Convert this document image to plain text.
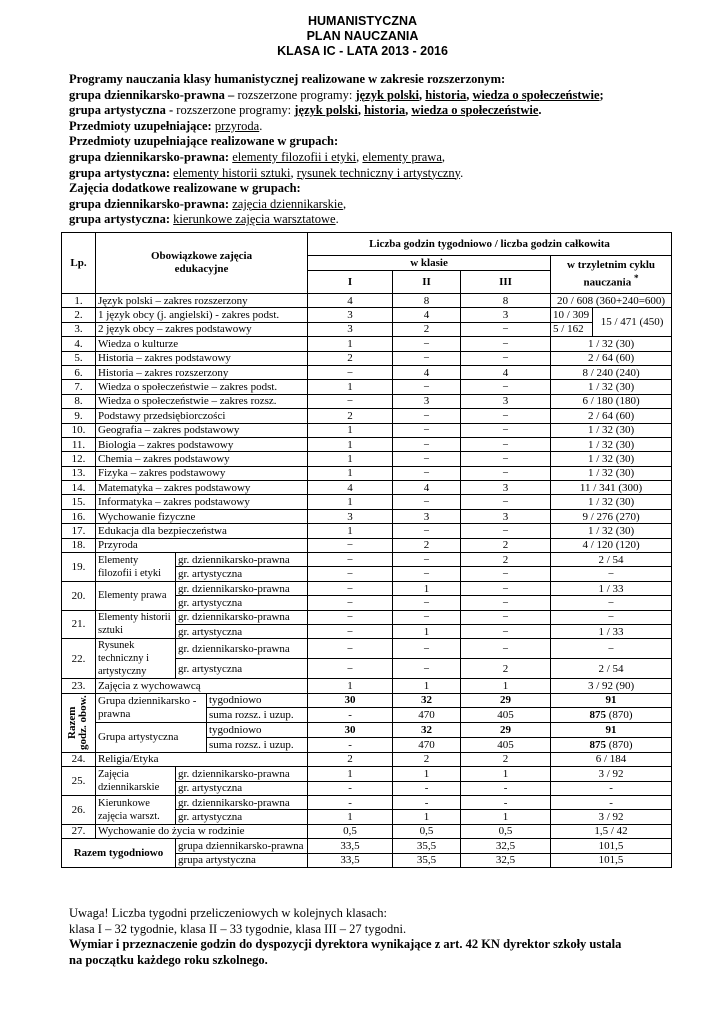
HUMANISTYCZNA
PLAN NAUCZANIA
KLASA IC - LATA 2013 - 2016
Programy nauczania klasy humanistycznej realizowane w zakresie rozszerzonym:
grupa dziennikarsko-prawna – rozszerzone programy: język polski, historia, wiedza o społeczeństwie;
grupa artystyczna - rozszerzone programy: język polski, historia, wiedza o społeczeństwie.
Przedmioty uzupełniające: przyroda.
Przedmioty uzupełniające realizowane w grupach:
grupa dziennikarsko-prawna: elementy filozofii i etyki, elementy prawa,
grupa artystyczna: elementy historii sztuki, rysunek techniczny i artystyczny.
Zajęcia dodatkowe realizowane w grupach:
grupa dziennikarsko-prawna: zajęcia dziennikarskie,
grupa artystyczna: kierunkowe zajęcia warsztatowe.
Lp.	Obowiązkowe zajęcia edukacyjne			Liczba godzin tygodniowo / liczba godzin całkowita				
				w klasie			w trzyletnim cyklu nauczania *
				I	II	III		
1.	Język polski – zakres rozszerzony			4	8	8	20 / 608 (360+240=600)	
2.	1 język obcy (j. angielski) - zakres podst.			3	4	3	10 / 309	15 / 471 (450)
3.	2 język obcy – zakres podstawowy			3	2	−	5 / 162	
4.	Wiedza o kulturze			1	−	−	1 / 32 (30)	
5.	Historia – zakres podstawowy			2	−	−	2 / 64 (60)	
6.	Historia – zakres rozszerzony			−	4	4	8 / 240 (240)	
7.	Wiedza o społeczeństwie – zakres podst.			1	−	−	1 / 32 (30)	
8.	Wiedza o społeczeństwie – zakres rozsz.			−	3	3	6 / 180 (180)	
9.	Podstawy przedsiębiorczości			2	−	−	2 / 64 (60)	
10.	Geografia – zakres podstawowy			1	−	−	1 / 32 (30)	
11.	Biologia – zakres podstawowy			1	−	−	1 / 32 (30)	
12.	Chemia – zakres podstawowy			1	−	−	1 / 32 (30)	
13.	Fizyka – zakres podstawowy			1	−	−	1 / 32 (30)	
14.	Matematyka – zakres podstawowy			4	4	3	11 / 341 (300)	
15.	Informatyka – zakres podstawowy			1	−	−	1 / 32 (30)	
16.	Wychowanie fizyczne			3	3	3	9 / 276 (270)	
17.	Edukacja dla bezpieczeństwa			1	−	−	1 / 32 (30)	
18.	Przyroda			−	2	2	4 / 120 (120)	
19.	Elementy filozofii i etyki	gr. dziennikarsko-prawna		−	−	2	2 / 54	
		gr. artystyczna		−	−	−	−	
20.	Elementy prawa	gr. dziennikarsko-prawna		−	1	−	1 / 33	
		gr. artystyczna		−	−	−	−	
21.	Elementy historii sztuki	gr. dziennikarsko-prawna		−	−	−	−	
		gr. artystyczna		−	1	−	1 / 33	
22.	Rysunek techniczny i artystyczny	gr. dziennikarsko-prawna		−	−	−	−	
		gr. artystyczna		−	−	2	2 / 54	
23.	Zajęcia z wychowawcą			1	1	1	3 / 92 (90)	

Razem godz. obow.	Grupa dziennikarsko - prawna		tygodniowo	30	32	29	91	
			suma rozsz. i uzup.	-	470	405	875 (870)	
	Grupa artystyczna		tygodniowo	30	32	29	91	
			suma rozsz. i uzup.	-	470	405	875 (870)	
24.	Religia/Etyka			2	2	2	6 / 184	
25.	Zajęcia dziennikarskie	gr. dziennikarsko-prawna		1	1	1	3 / 92	
		gr. artystyczna		-	-	-	-	
26.	Kierunkowe zajęcia warszt.	gr. dziennikarsko-prawna		-	-	-	-	
		gr. artystyczna		1	1	1	3 / 92	
27.	Wychowanie do życia w rodzinie			0,5	0,5	0,5	1,5 / 42	
Razem tygodniowo		grupa dziennikarsko-prawna		33,5	35,5	32,5	101,5	
		grupa artystyczna		33,5	35,5	32,5	101,5	
Uwaga! Liczba tygodni przeliczeniowych w kolejnych klasach:
klasa I – 32 tygodnie, klasa II – 33 tygodnie, klasa III – 27 tygodni.
Wymiar i przeznaczenie godzin do dyspozycji dyrektora wynikające z art. 42 KN dyrektor szkoły ustala
na początku każdego roku szkolnego.
